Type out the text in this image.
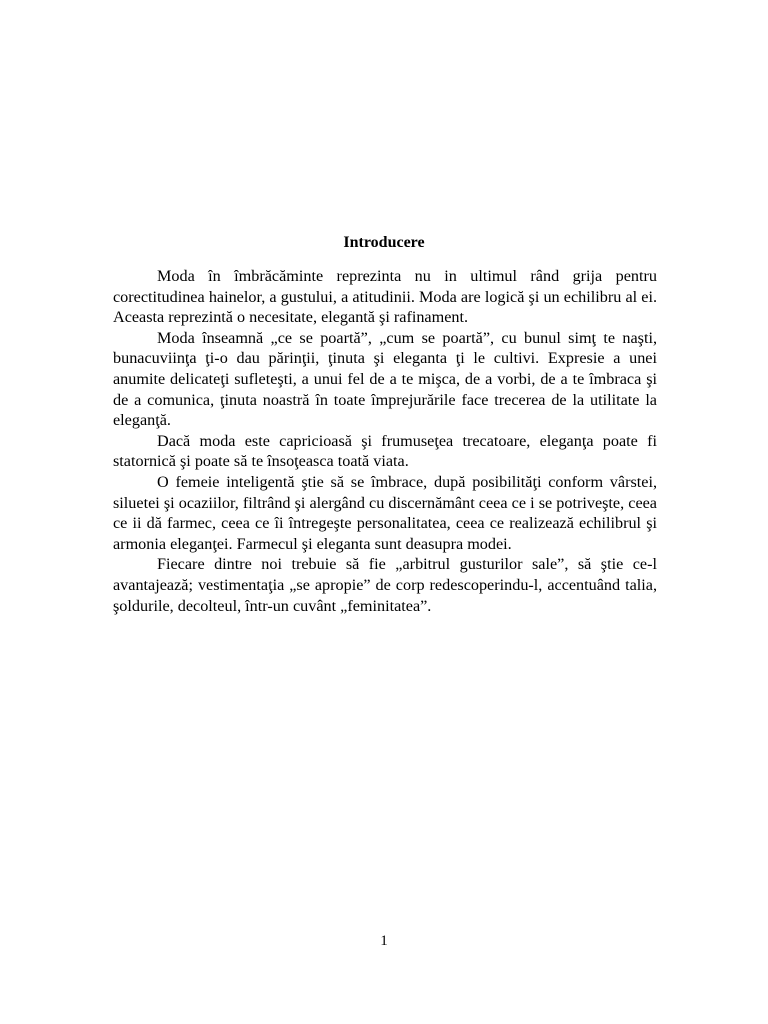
Introducere

Moda în îmbrăcăminte reprezinta nu in ultimul rând grija pentru corectitudinea hainelor, a gustului, a atitudinii. Moda are logică şi un echilibru al ei. Aceasta reprezintă o necesitate, elegantă şi rafinament.

Moda înseamnă „ce se poartă”, „cum se poartă”, cu bunul simţ te naşti, bunacuviinţa ţi-o dau părinţii, ţinuta şi eleganta ţi le cultivi. Expresie a unei anumite delicateţi sufleteşti, a unui fel de a te mişca, de a vorbi, de a te îmbraca şi de a comunica, ţinuta noastră în toate împrejurările face trecerea de la utilitate la eleganţă.

Dacă moda este capricioasă şi frumuseţea trecatoare, eleganţa poate fi statornică şi poate să te însoţeasca toată viata.

O femeie inteligentă ştie să se îmbrace, după posibilităţi conform vârstei, siluetei şi ocaziilor, filtrând şi alergând cu discernământ ceea ce i se potriveşte, ceea ce ii dă farmec, ceea ce îi întregeşte personalitatea, ceea ce realizează echilibrul şi armonia eleganţei. Farmecul şi eleganta sunt deasupra modei.

Fiecare dintre noi trebuie să fie „arbitrul gusturilor sale”, să ştie ce-l avantajează; vestimentaţia „se apropie” de corp redescoperindu-l, accentuând talia, şoldurile, decolteul, într-un cuvânt „feminitatea”.

1
